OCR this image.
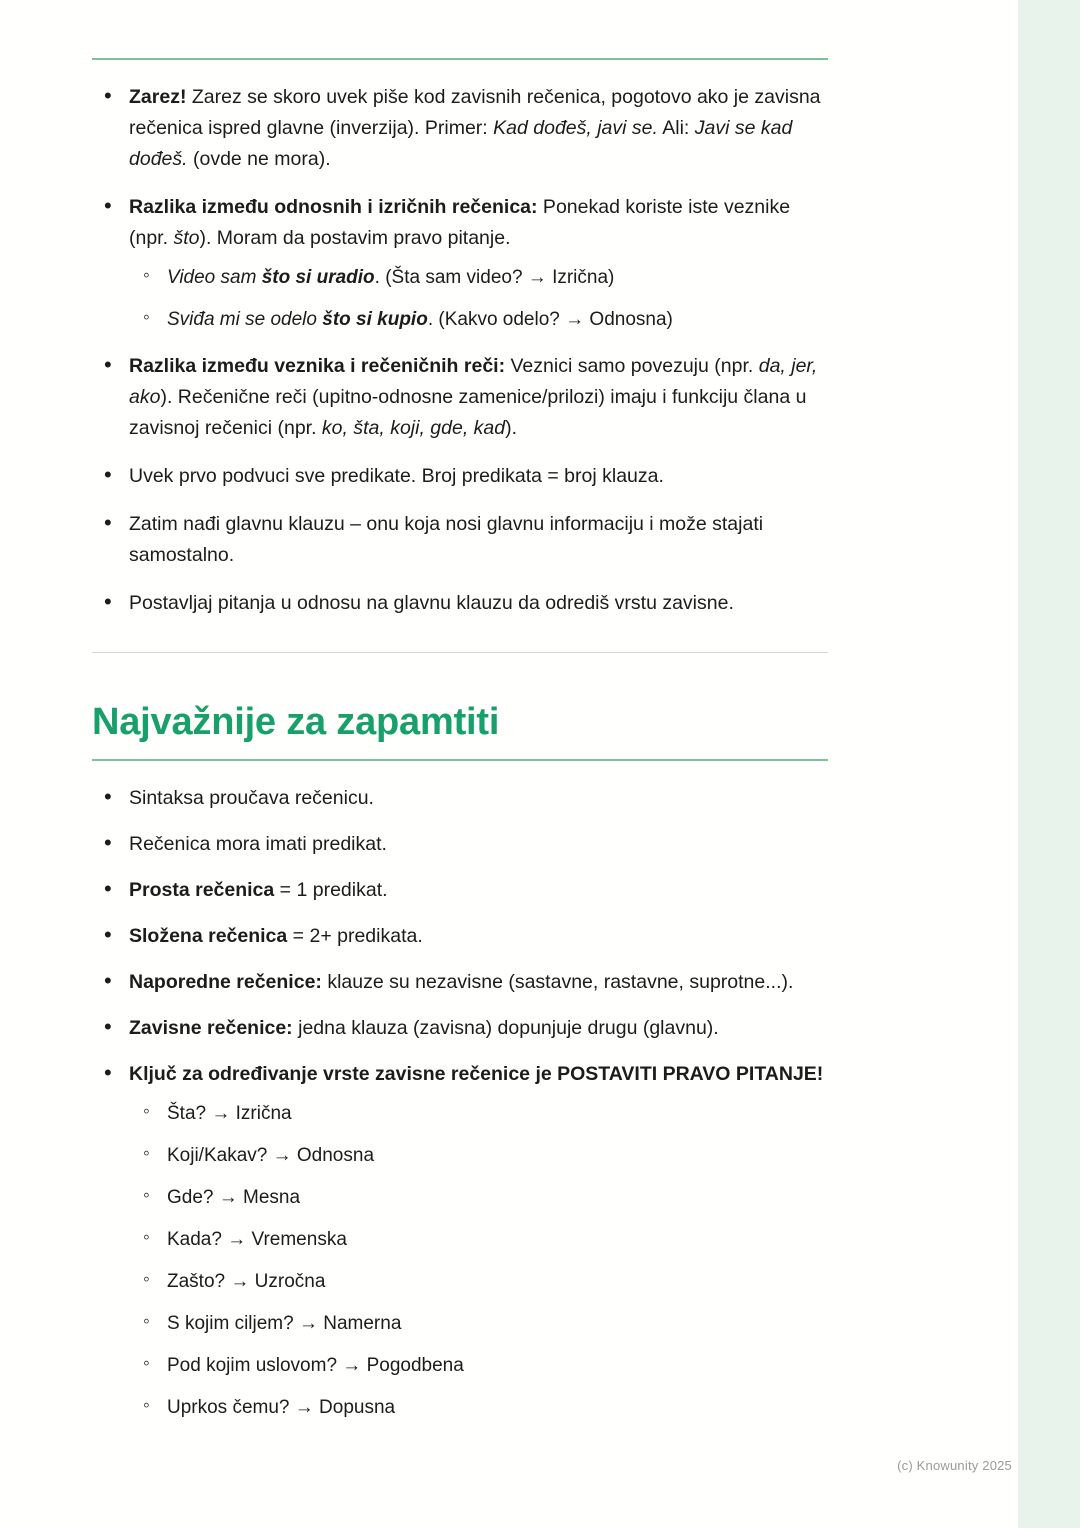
• Zarez! Zarez se skoro uvek piše kod zavisnih rečenica, pogotovo ako je zavisna rečenica ispred glavne (inverzija). Primer: Kad dođeš, javi se. Ali: Javi se kad dođeš. (ovde ne mora).
• Razlika između odnosnih i izričnih rečenica: Ponekad koriste iste veznike (npr. što). Moram da postavim pravo pitanje.
◦ Video sam što si uradio. (Šta sam video? → Izrična)
◦ Sviđa mi se odelo što si kupio. (Kakvo odelo? → Odnosna)
• Razlika između veznika i rečeničnih reči: Veznici samo povezuju (npr. da, jer, ako). Rečenične reči (upitno-odnosne zamenice/prilozi) imaju i funkciju člana u zavisnoj rečenici (npr. ko, šta, koji, gde, kad).
• Uvek prvo podvuci sve predikate. Broj predikata = broj klauza.
• Zatim nađi glavnu klauzu – onu koja nosi glavnu informaciju i može stajati samostalno.
• Postavljaj pitanja u odnosu na glavnu klauzu da odrediš vrstu zavisne.
Najvažnije za zapamtiti
• Sintaksa proučava rečenicu.
• Rečenica mora imati predikat.
• Prosta rečenica = 1 predikat.
• Složena rečenica = 2+ predikata.
• Naporedne rečenice: klauze su nezavisne (sastavne, rastavne, suprotne...).
• Zavisne rečenice: jedna klauza (zavisna) dopunjuje drugu (glavnu).
• Ključ za određivanje vrste zavisne rečenice je POSTAVITI PRAVO PITANJE!
◦ Šta? → Izrična
◦ Koji/Kakav? → Odnosna
◦ Gde? → Mesna
◦ Kada? → Vremenska
◦ Zašto? → Uzročna
◦ S kojim ciljem? → Namerna
◦ Pod kojim uslovom? → Pogodbena
◦ Uprkos čemu? → Dopusna
(c) Knowunity 2025
